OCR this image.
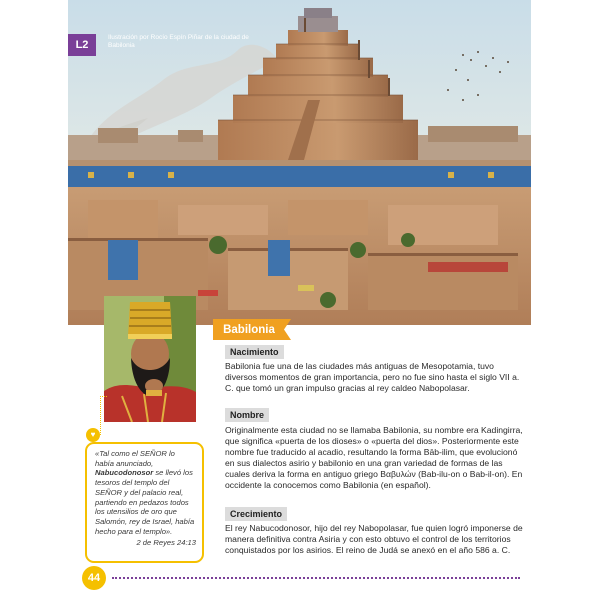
L2
Ilustración por Rocío Espín Piñar de la ciudad de Babilonia
Babilonia
Nacimiento
Babilonia fue una de las ciudades más antiguas de Mesopotamia, tuvo diversos momentos de gran importancia, pero no fue sino hasta el siglo VII a. C. que tomó un gran impulso gracias al rey caldeo Nabopolasar.
Nombre
Originalmente esta ciudad no se llamaba Babilonia, su nombre era Kadingirra, que significa «puerta de los dioses» o «puerta del dios». Posteriormente este nombre fue traducido al acadio, resultando la forma Bāb-ilim, que evolucionó en sus dialectos asirio y babilonio en una gran variedad de formas de las cuales deriva la forma en antiguo griego Βαβυλών (Bab-ilu-on o Bab-il-on). En occidente la conocemos como Babilonia (en español).
Crecimiento
El rey Nabucodonosor, hijo del rey Nabopolasar, fue quien logró imponerse de manera definitiva contra Asiria y con esto obtuvo el control de los territorios conquistados por los asirios. El reino de Judá se anexó en el año 586 a. C.
♥
«Tal como el SEÑOR lo había anunciado, Nabucodonosor se llevó los tesoros del templo del SEÑOR y del palacio real, partiendo en pedazos todos los utensilios de oro que Salomón, rey de Israel, había hecho para el templo».
2 de Reyes 24:13
44
